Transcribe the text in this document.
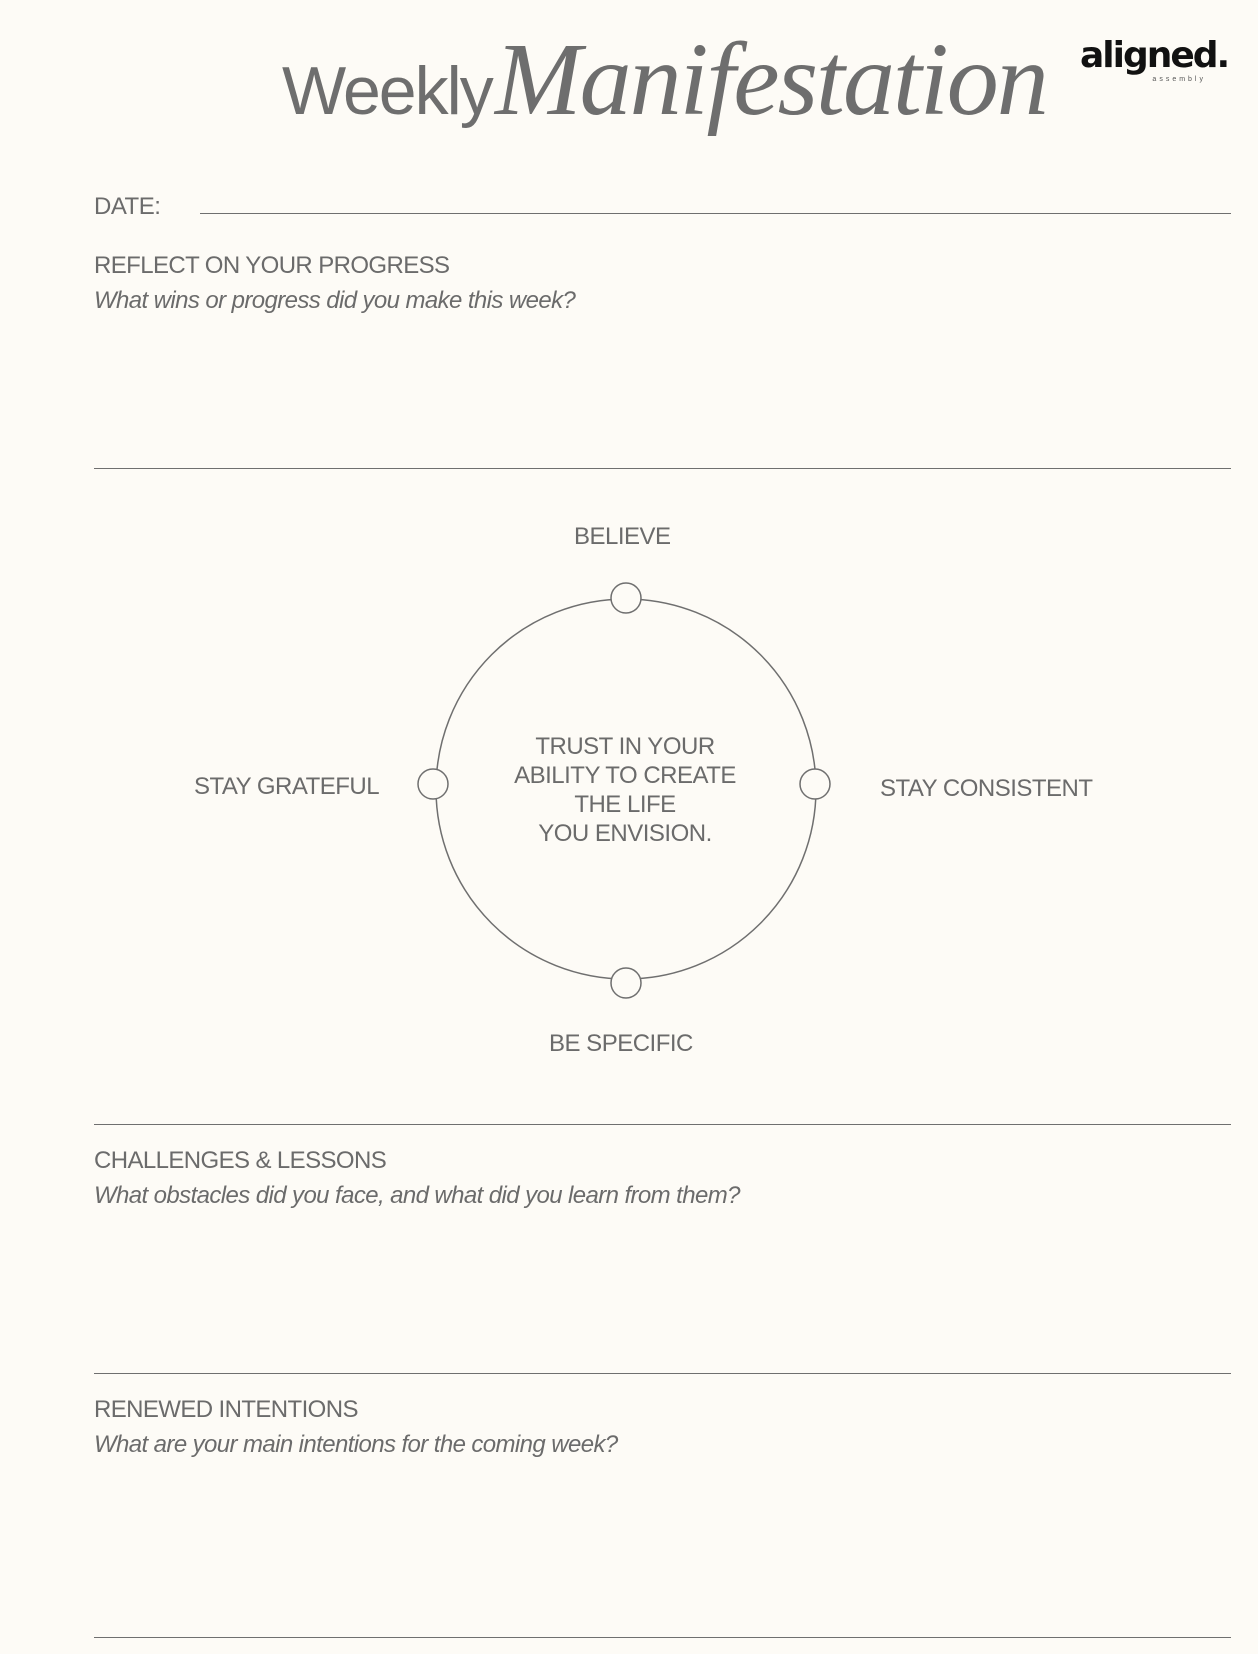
Weekly Manifestation aligned.
assembly
DATE:
REFLECT ON YOUR PROGRESS
What wins or progress did you make this week?
BELIEVE
STAY GRATEFUL	STAY CONSISTENT
BE SPECIFIC
TRUST IN YOUR
ABILITY TO CREATE
THE LIFE
YOU ENVISION.
CHALLENGES & LESSONS
What obstacles did you face, and what did you learn from them?
RENEWED INTENTIONS
What are your main intentions for the coming week?
